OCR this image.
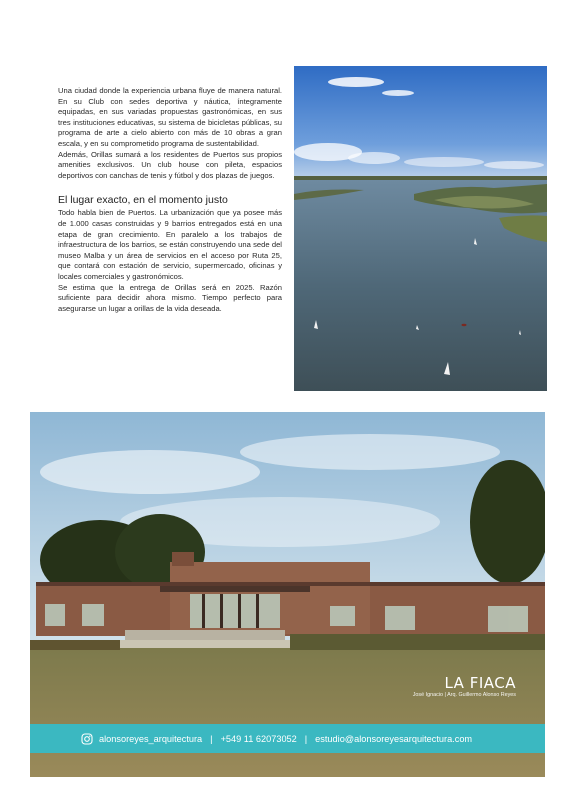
Una ciudad donde la experiencia urbana fluye de manera natural. En su Club con sedes deportiva y náutica, íntegramente equipadas, en sus variadas propuestas gastronómicas, en sus tres instituciones educativas, su sistema de bicicletas públicas, su programa de arte a cielo abierto con más de 10 obras a gran escala, y en su comprometido programa de sustentabilidad.

Además, Orillas sumará a los residentes de Puertos sus propios amenities exclusivos. Un club house con pileta, espacios deportivos con canchas de tenis y fútbol y dos plazas de juegos.

El lugar exacto, en el momento justo

Todo habla bien de Puertos. La urbanización que ya posee más de 1.000 casas construidas y 9 barrios entregados está en una etapa de gran crecimiento. En paralelo a los trabajos de infraestructura de los barrios, se están construyendo una sede del museo Malba y un área de servicios en el acceso por Ruta 25, que contará con estación de servicio, supermercado, oficinas y locales comerciales y gastronómicos.

Se estima que la entrega de Orillas será en 2025. Razón suficiente para decidir ahora mismo. Tiempo perfecto para asegurarse un lugar a orillas de la vida deseada.

LA FIACA
José Ignacio | Arq. Guillermo Alonso Reyes
alonsoreyes_arquitectura | +549 11 62073052 | estudio@alonsoreyesarquitectura.com
